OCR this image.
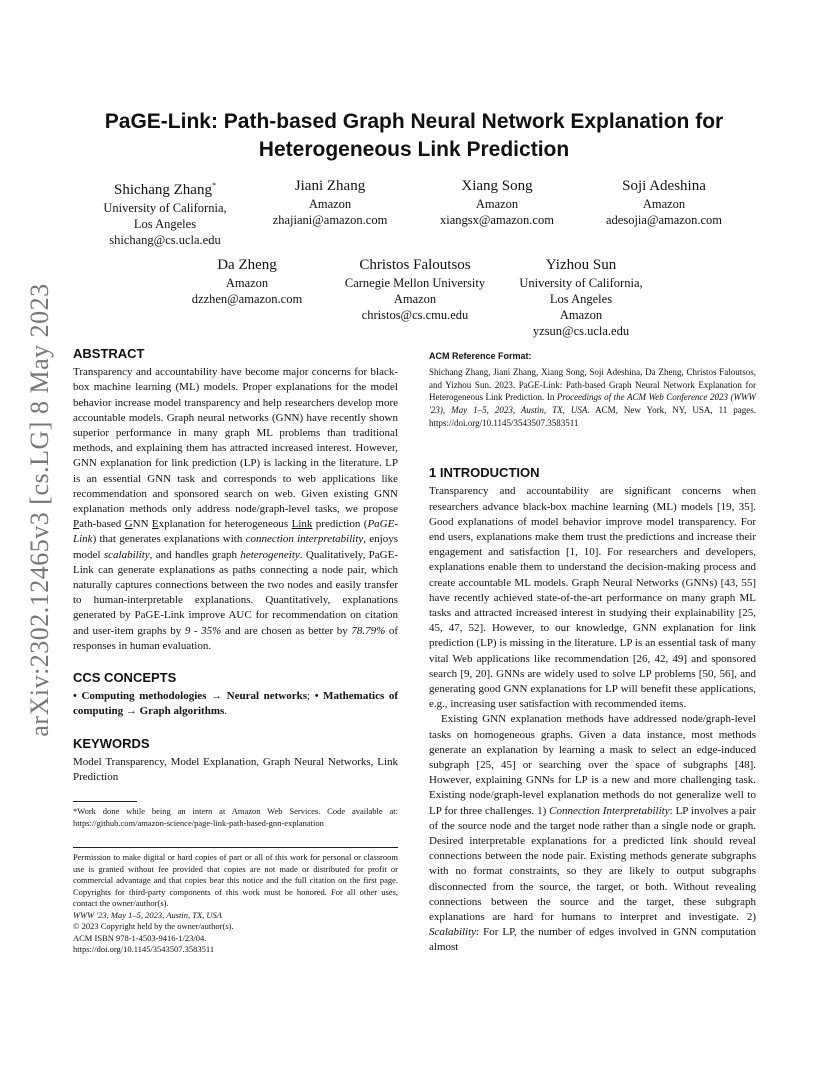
arXiv:2302.12465v3 [cs.LG] 8 May 2023
PaGE-Link: Path-based Graph Neural Network Explanation for Heterogeneous Link Prediction
Shichang Zhang*
University of California,
Los Angeles
shichang@cs.ucla.edu
Jiani Zhang
Amazon
zhajiani@amazon.com
Xiang Song
Amazon
xiangsx@amazon.com
Soji Adeshina
Amazon
adesojia@amazon.com
Da Zheng
Amazon
dzzhen@amazon.com
Christos Faloutsos
Carnegie Mellon University
Amazon
christos@cs.cmu.edu
Yizhou Sun
University of California,
Los Angeles
Amazon
yzsun@cs.ucla.edu
ABSTRACT

Transparency and accountability have become major concerns for black-box machine learning (ML) models. Proper explanations for the model behavior increase model transparency and help researchers develop more accountable models. Graph neural networks (GNN) have recently shown superior performance in many graph ML problems than traditional methods, and explaining them has attracted increased interest. However, GNN explanation for link prediction (LP) is lacking in the literature. LP is an essential GNN task and corresponds to web applications like recommendation and sponsored search on web. Given existing GNN explanation methods only address node/graph-level tasks, we propose Path-based GNN Explanation for heterogeneous Link prediction (PaGE-Link) that generates explanations with connection interpretability, enjoys model scalability, and handles graph heterogeneity. Qualitatively, PaGE-Link can generate explanations as paths connecting a node pair, which naturally captures connections between the two nodes and easily transfer to human-interpretable explanations. Quantitatively, explanations generated by PaGE-Link improve AUC for recommendation on citation and user-item graphs by 9 - 35% and are chosen as better by 78.79% of responses in human evaluation.

CCS CONCEPTS

• Computing methodologies → Neural networks; • Mathematics of computing → Graph algorithms.

KEYWORDS

Model Transparency, Model Explanation, Graph Neural Networks, Link Prediction

*Work done while being an intern at Amazon Web Services. Code available at: https://github.com/amazon-science/page-link-path-based-gnn-explanation

Permission to make digital or hard copies of part or all of this work for personal or classroom use is granted without fee provided that copies are not made or distributed for profit or commercial advantage and that copies bear this notice and the full citation on the first page. Copyrights for third-party components of this work must be honored. For all other uses, contact the owner/author(s).

WWW '23, May 1–5, 2023, Austin, TX, USA

© 2023 Copyright held by the owner/author(s).

ACM ISBN 978-1-4503-9416-1/23/04.

https://doi.org/10.1145/3543507.3583511

ACM Reference Format:

Shichang Zhang, Jiani Zhang, Xiang Song, Soji Adeshina, Da Zheng, Christos Faloutsos, and Yizhou Sun. 2023. PaGE-Link: Path-based Graph Neural Network Explanation for Heterogeneous Link Prediction. In Proceedings of the ACM Web Conference 2023 (WWW '23), May 1–5, 2023, Austin, TX, USA. ACM, New York, NY, USA, 11 pages. https://doi.org/10.1145/3543507.3583511

1 INTRODUCTION

Transparency and accountability are significant concerns when researchers advance black-box machine learning (ML) models [19, 35]. Good explanations of model behavior improve model transparency. For end users, explanations make them trust the predictions and increase their engagement and satisfaction [1, 10]. For researchers and developers, explanations enable them to understand the decision-making process and create accountable ML models. Graph Neural Networks (GNNs) [43, 55] have recently achieved state-of-the-art performance on many graph ML tasks and attracted increased interest in studying their explainability [25, 45, 47, 52]. However, to our knowledge, GNN explanation for link prediction (LP) is missing in the literature. LP is an essential task of many vital Web applications like recommendation [26, 42, 49] and sponsored search [9, 20]. GNNs are widely used to solve LP problems [50, 56], and generating good GNN explanations for LP will benefit these applications, e.g., increasing user satisfaction with recommended items.

Existing GNN explanation methods have addressed node/graph-level tasks on homogeneous graphs. Given a data instance, most methods generate an explanation by learning a mask to select an edge-induced subgraph [25, 45] or searching over the space of subgraphs [48]. However, explaining GNNs for LP is a new and more challenging task. Existing node/graph-level explanation methods do not generalize well to LP for three challenges. 1) Connection Interpretability: LP involves a pair of the source node and the target node rather than a single node or graph. Desired interpretable explanations for a predicted link should reveal connections between the node pair. Existing methods generate subgraphs with no format constraints, so they are likely to output subgraphs disconnected from the source, the target, or both. Without revealing connections between the source and the target, these subgraph explanations are hard for humans to interpret and investigate. 2) Scalability: For LP, the number of edges involved in GNN computation almost
